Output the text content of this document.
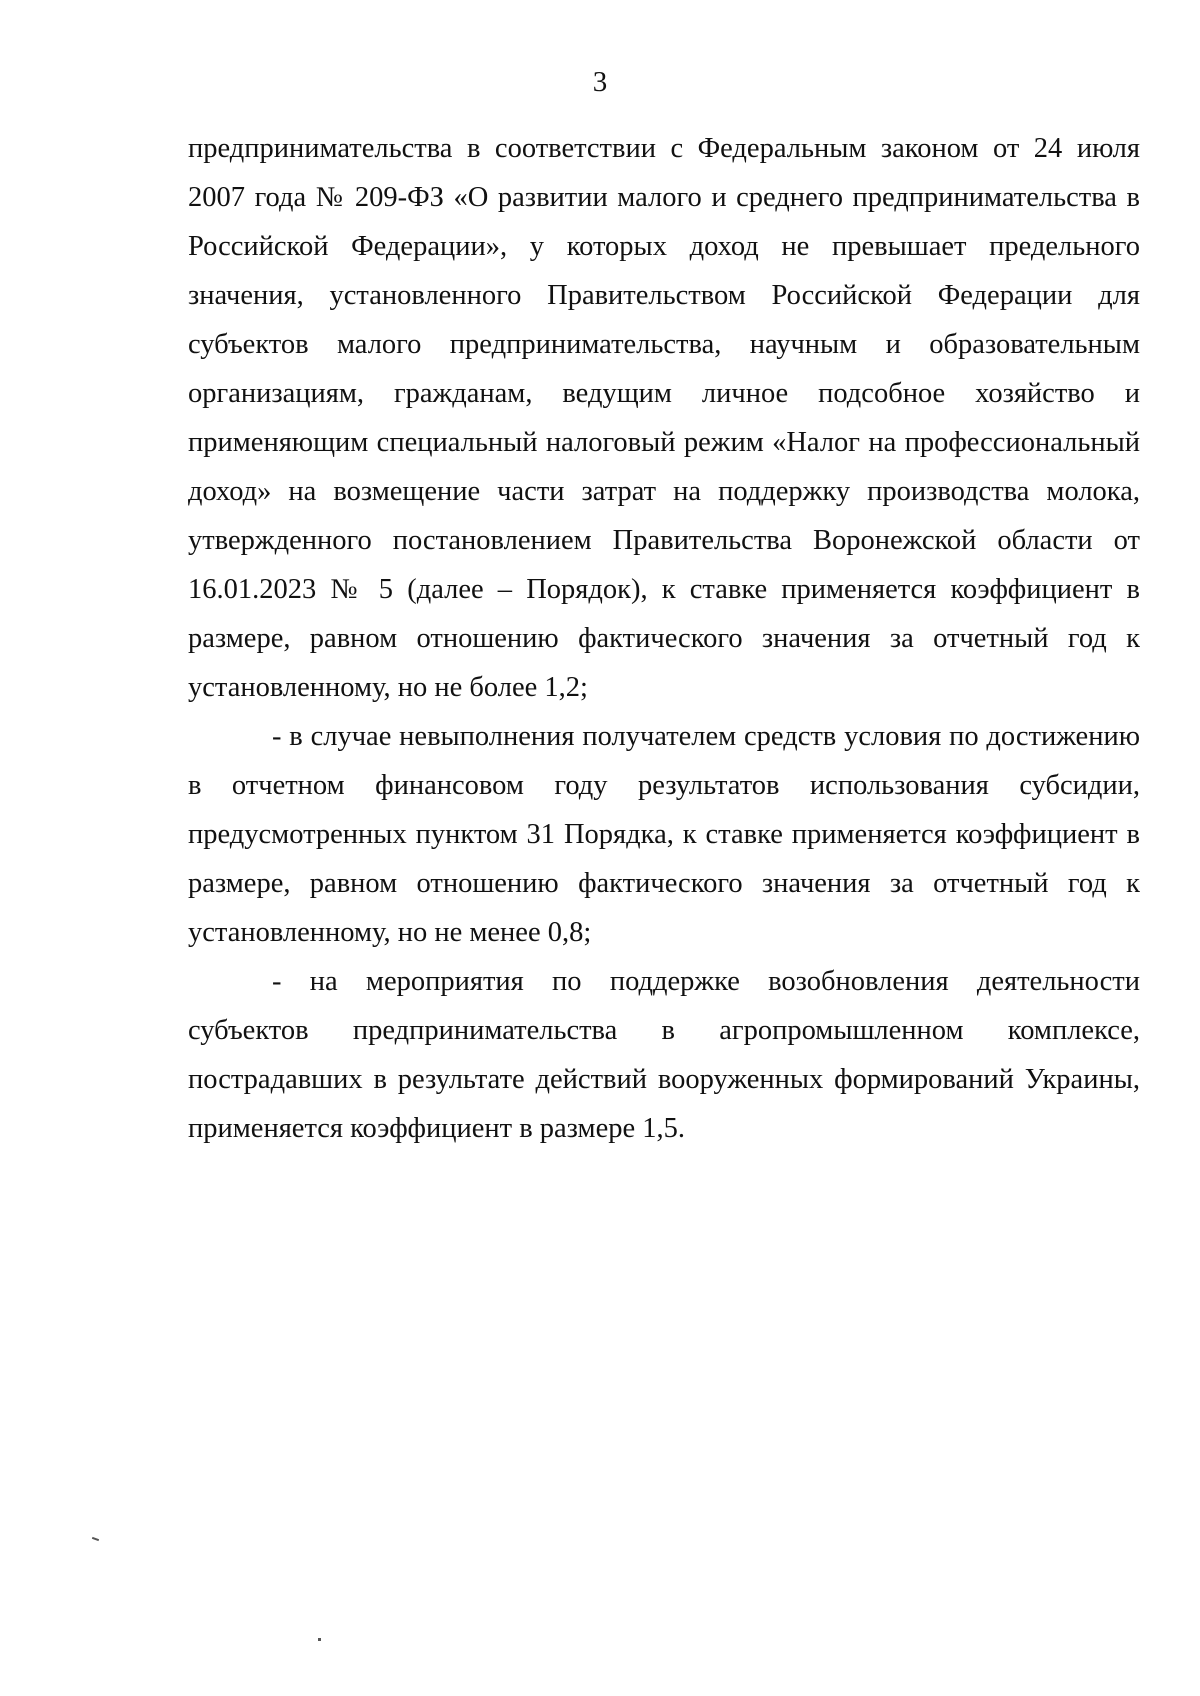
3

предпринимательства в соответствии с Федеральным законом от 24 июля 2007 года № 209-ФЗ «О развитии малого и среднего предпринимательства в Российской Федерации», у которых доход не превышает предельного значения, установленного Правительством Российской Федерации для субъектов малого предпринимательства, научным и образовательным организациям, гражданам, ведущим личное подсобное хозяйство и применяющим специальный налоговый режим «Налог на профессиональный доход» на возмещение части затрат на поддержку производства молока, утвержденного постановлением Правительства Воронежской области от 16.01.2023 № 5 (далее – Порядок), к ставке применяется коэффициент в размере, равном отношению фактического значения за отчетный год к установленному, но не более 1,2;

- в случае невыполнения получателем средств условия по достижению в отчетном финансовом году результатов использования субсидии, предусмотренных пунктом 31 Порядка, к ставке применяется коэффициент в размере, равном отношению фактического значения за отчетный год к установленному, но не менее 0,8;

- на мероприятия по поддержке возобновления деятельности субъектов предпринимательства в агропромышленном комплексе, пострадавших в результате действий вооруженных формирований Украины, применяется коэффициент в размере 1,5.
